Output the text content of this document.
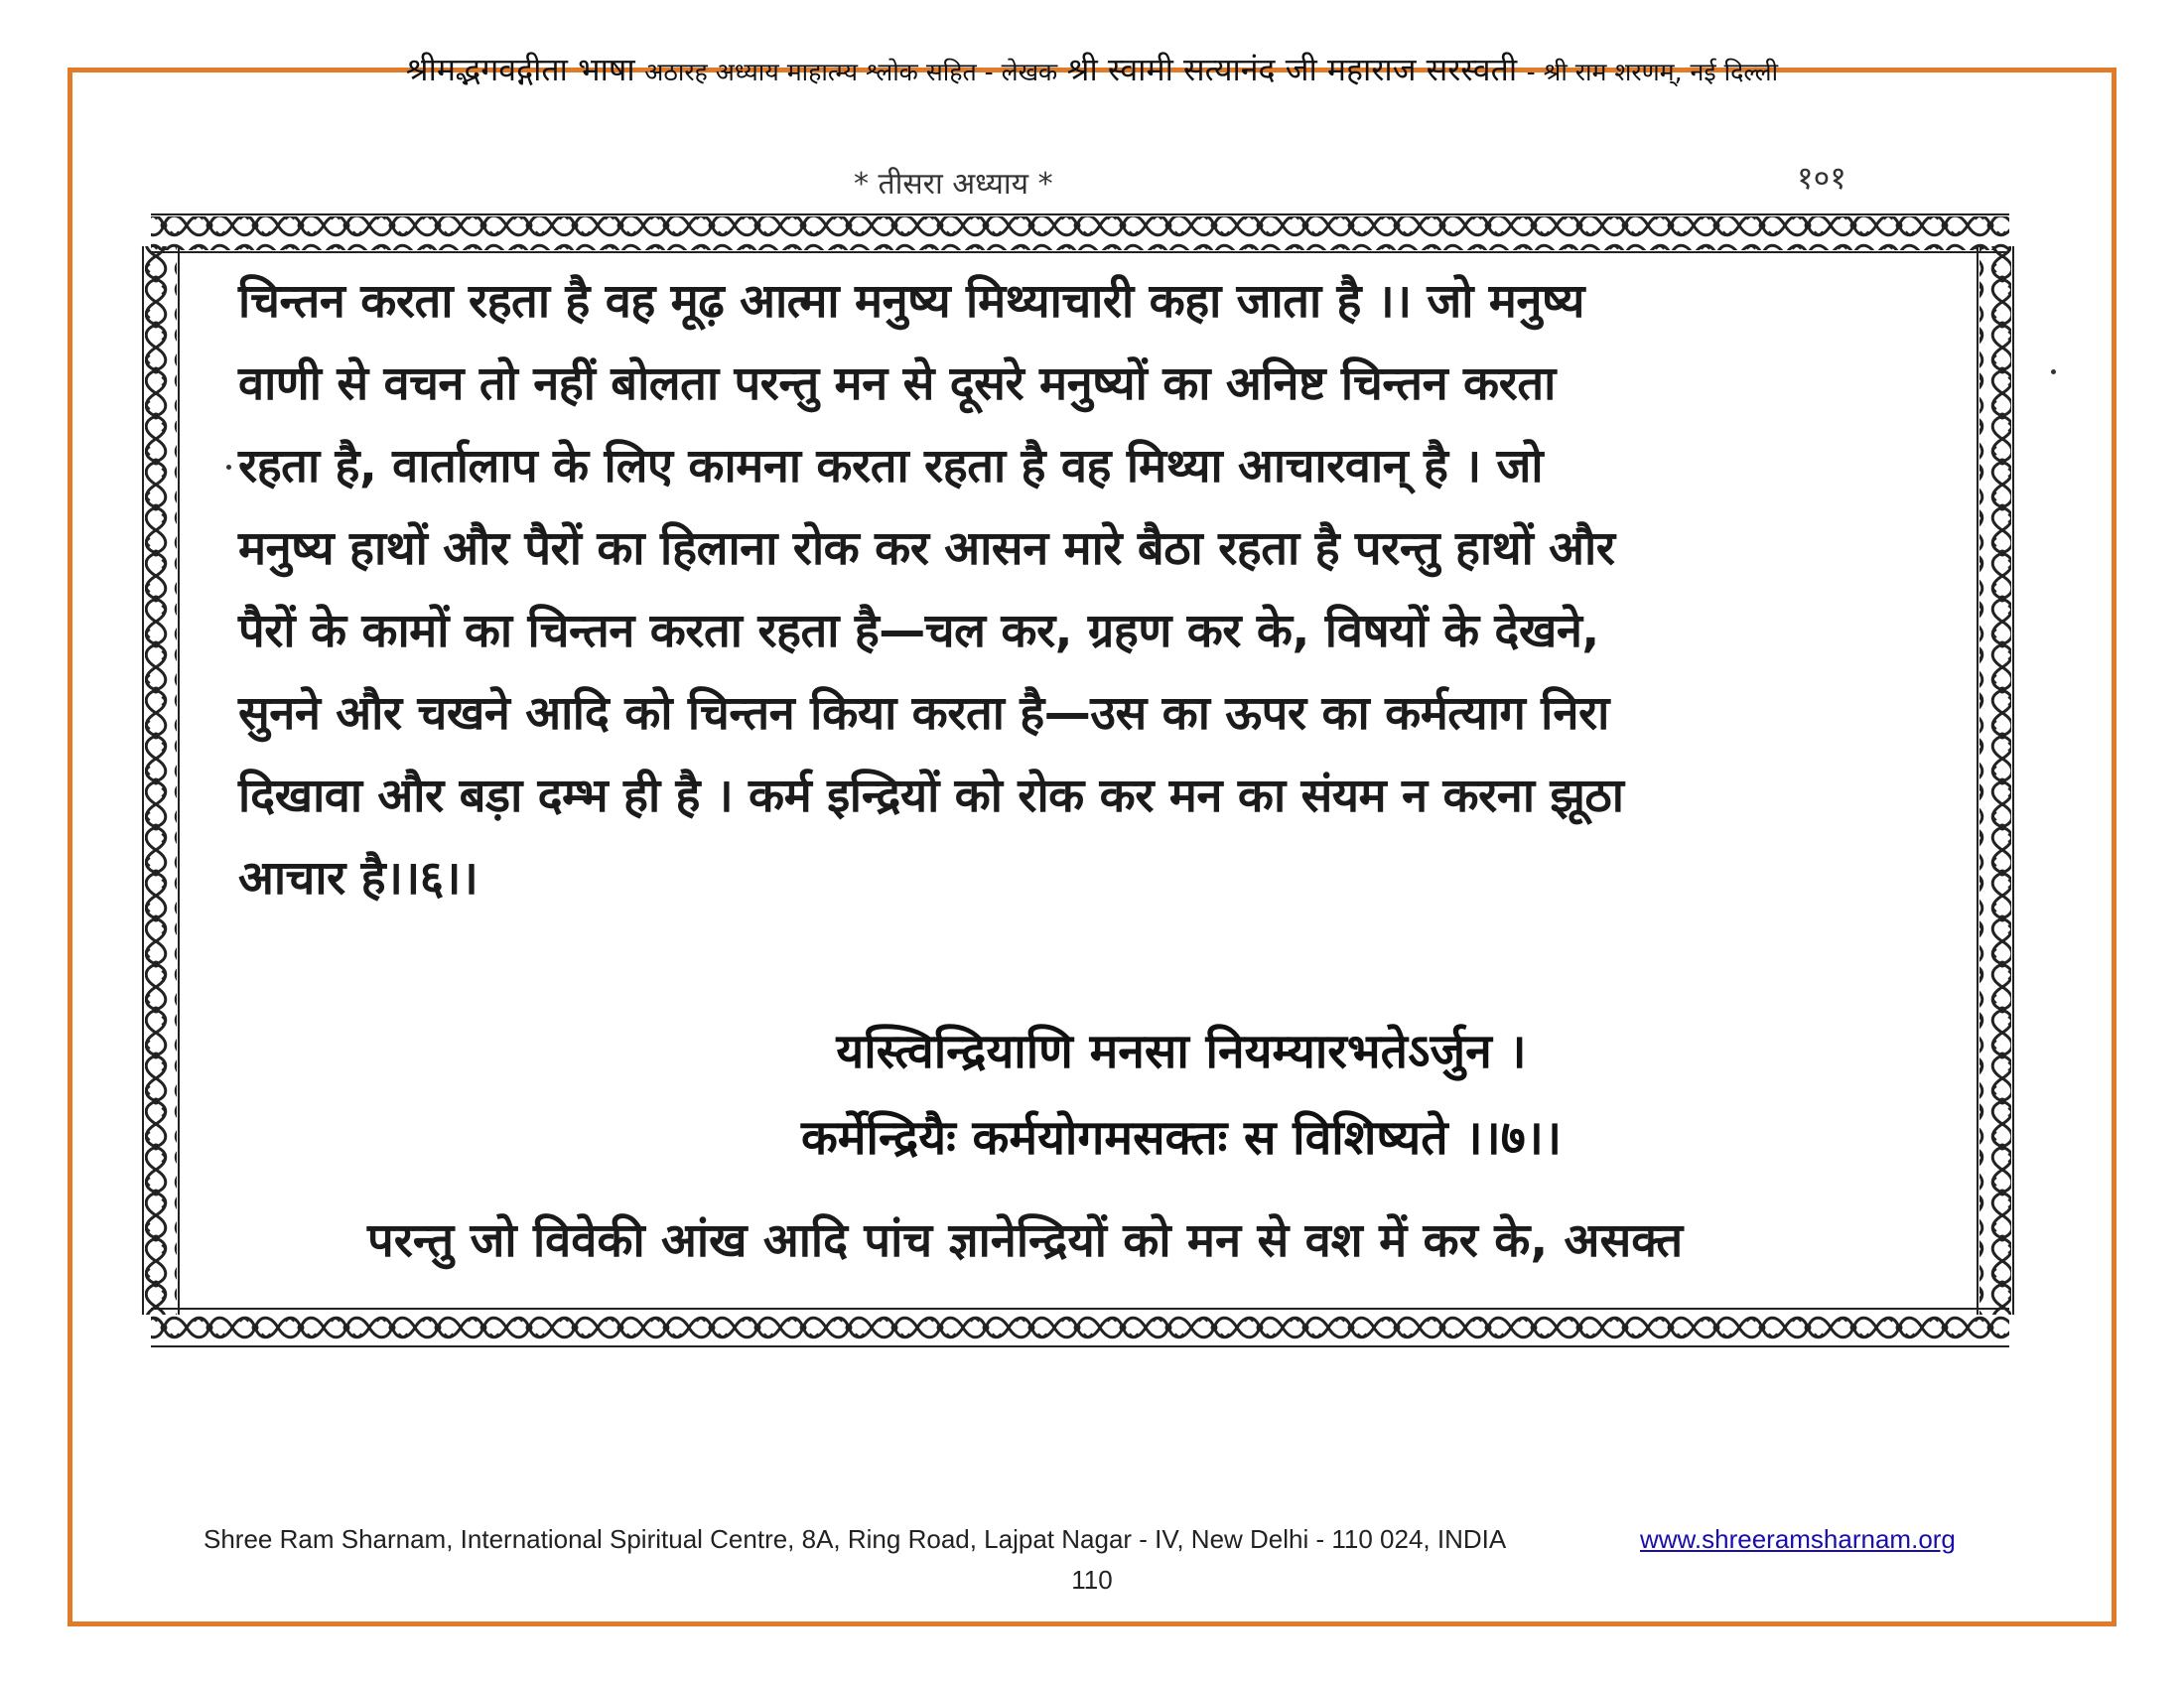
श्रीमद्भगवद्गीता भाषा अठारह अध्याय माहात्म्य श्लोक सहित - लेखक श्री स्वामी सत्यानंद जी महाराज सरस्वती - श्री राम शरणम्, नई दिल्ली
* तीसरा अध्याय *	१०१
चिन्तन करता रहता है वह मूढ़ आत्मा मनुष्य मिथ्याचारी कहा जाता है ।। जो मनुष्य
वाणी से वचन तो नहीं बोलता परन्तु मन से दूसरे मनुष्यों का अनिष्ट चिन्तन करता
रहता है, वार्तालाप के लिए कामना करता रहता है वह मिथ्या आचारवान् है । जो
मनुष्य हाथों और पैरों का हिलाना रोक कर आसन मारे बैठा रहता है परन्तु हाथों और
पैरों के कामों का चिन्तन करता रहता है—चल कर, ग्रहण कर के, विषयों के देखने,
सुनने और चखने आदि को चिन्तन किया करता है—उस का ऊपर का कर्मत्याग निरा
दिखावा और बड़ा दम्भ ही है । कर्म इन्द्रियों को रोक कर मन का संयम न करना झूठा
आचार है।।६।।
यस्त्विन्द्रियाणि मनसा नियम्यारभतेऽर्जुन ।
कर्मेन्द्रियैः कर्मयोगमसक्तः स विशिष्यते ।।७।।
परन्तु जो विवेकी आंख आदि पांच ज्ञानेन्द्रियों को मन से वश में कर के, असक्त
Shree Ram Sharnam, International Spiritual Centre, 8A, Ring Road, Lajpat Nagar - IV, New Delhi - 110 024, INDIA	www.shreeramsharnam.org
110
